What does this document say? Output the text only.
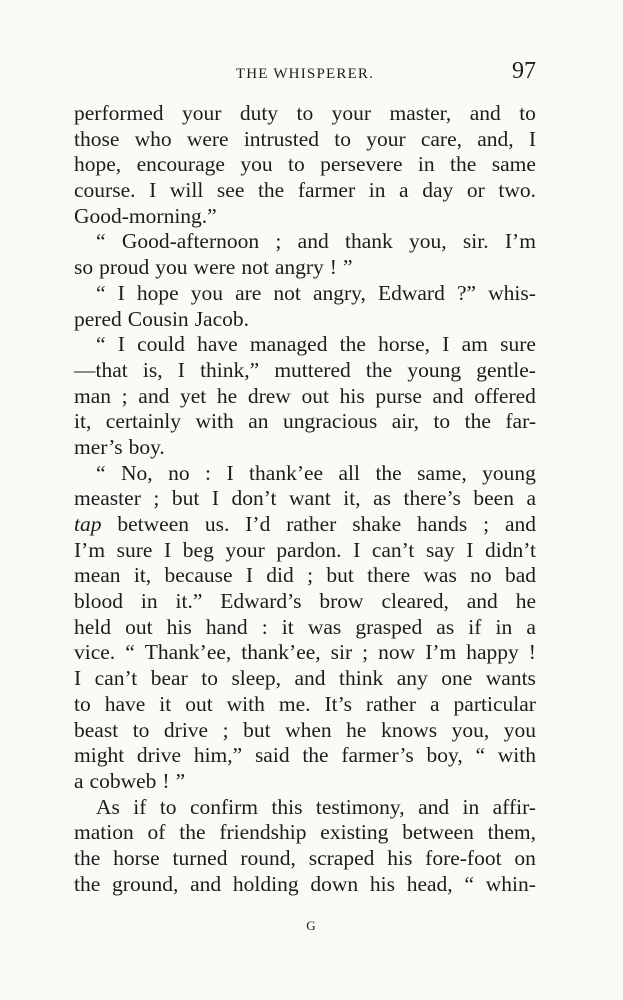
THE WHISPERER.	97
performed your duty to your master, and to
those who were intrusted to your care, and, I
hope, encourage you to persevere in the same
course. I will see the farmer in a day or two.
Good-morning.”
“ Good-afternoon ; and thank you, sir. I’m
so proud you were not angry ! ”
“ I hope you are not angry, Edward ?” whis-
pered Cousin Jacob.
“ I could have managed the horse, I am sure
—that is, I think,” muttered the young gentle-
man ; and yet he drew out his purse and offered
it, certainly with an ungracious air, to the far-
mer’s boy.
“ No, no : I thank’ee all the same, young
measter ; but I don’t want it, as there’s been a
tap between us. I’d rather shake hands ; and
I’m sure I beg your pardon. I can’t say I didn’t
mean it, because I did ; but there was no bad
blood in it.” Edward’s brow cleared, and he
held out his hand : it was grasped as if in a
vice. “ Thank’ee, thank’ee, sir ; now I’m happy !
I can’t bear to sleep, and think any one wants
to have it out with me. It’s rather a particular
beast to drive ; but when he knows you, you
might drive him,” said the farmer’s boy, “ with
a cobweb ! ”
As if to confirm this testimony, and in affir-
mation of the friendship existing between them,
the horse turned round, scraped his fore-foot on
the ground, and holding down his head, “ whin-
G
